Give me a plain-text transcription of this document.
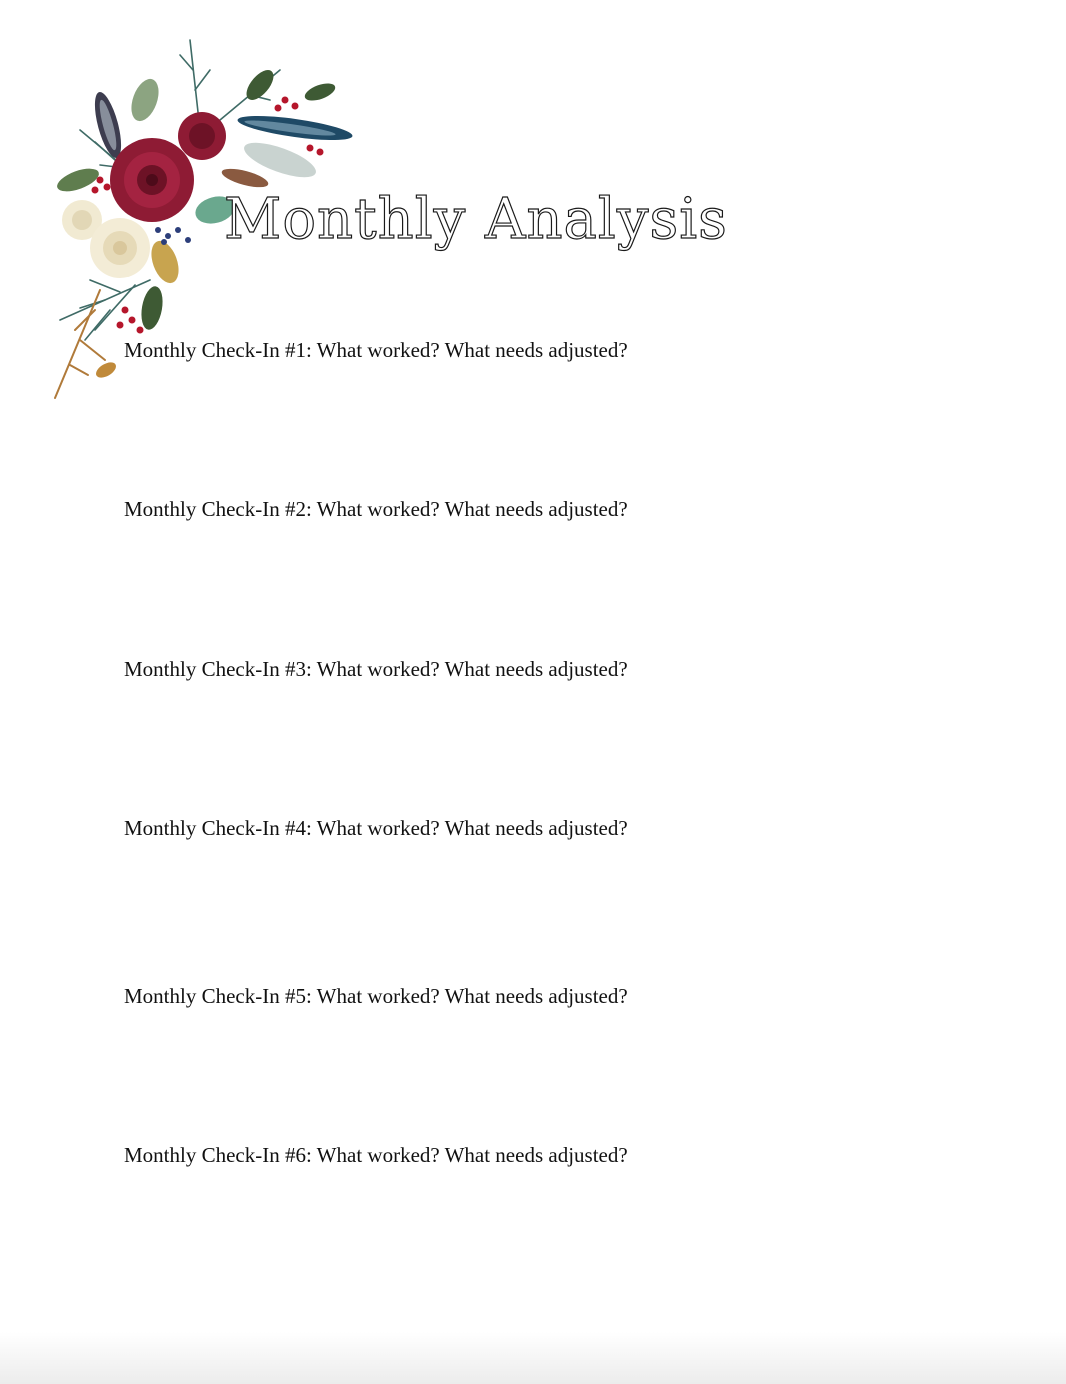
Monthly Analysis

Monthly Check-In #1: What worked? What needs adjusted?

Monthly Check-In #2: What worked? What needs adjusted?

Monthly Check-In #3: What worked? What needs adjusted?

Monthly Check-In #4: What worked? What needs adjusted?

Monthly Check-In #5: What worked? What needs adjusted?

Monthly Check-In #6: What worked? What needs adjusted?
